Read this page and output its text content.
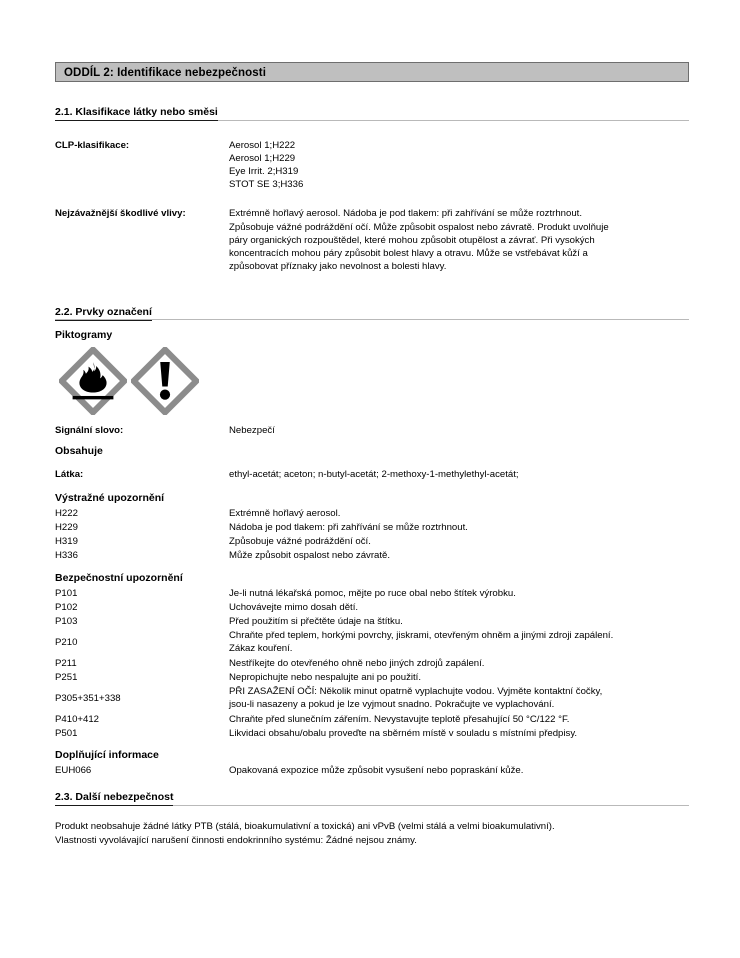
ODDÍL 2: Identifikace nebezpečnosti
2.1. Klasifikace látky nebo směsi
CLP-klasifikace:	Aerosol 1;H222
Aerosol 1;H229
Eye Irrit. 2;H319
STOT SE 3;H336
Nejzávažnější škodlivé vlivy:	Extrémně hořlavý aerosol. Nádoba je pod tlakem: při zahřívání se může roztrhnout.
Způsobuje vážné podráždění očí. Může způsobit ospalost nebo závratě. Produkt uvolňuje
páry organických rozpouštědel, které mohou způsobit otupělost a závrať. Při vysokých
koncentracích mohou páry způsobit bolest hlavy a otravu. Může se vstřebávat kůží a
způsobovat příznaky jako nevolnost a bolesti hlavy.
2.2. Prvky označení
Piktogramy
Signální slovo:	Nebezpečí
Obsahuje
Látka:	ethyl-acetát; aceton; n-butyl-acetát; 2-methoxy-1-methylethyl-acetát;
Výstražné upozornění
H222	Extrémně hořlavý aerosol.
H229	Nádoba je pod tlakem: při zahřívání se může roztrhnout.
H319	Způsobuje vážné podráždění očí.
H336	Může způsobit ospalost nebo závratě.
Bezpečnostní upozornění
P101	Je-li nutná lékařská pomoc, mějte po ruce obal nebo štítek výrobku.
P102	Uchovávejte mimo dosah dětí.
P103	Před použitím si přečtěte údaje na štítku.
P210
Chraňte před teplem, horkými povrchy, jiskrami, otevřeným ohněm a jinými zdroji zapálení.
Zákaz kouření.
P211	Nestříkejte do otevřeného ohně nebo jiných zdrojů zapálení.
P251	Nepropichujte nebo nespalujte ani po použití.
P305+351+338
PŘI ZASAŽENÍ OČÍ: Několik minut opatrně vyplachujte vodou. Vyjměte kontaktní čočky,
jsou-li nasazeny a pokud je lze vyjmout snadno. Pokračujte ve vyplachování.
P410+412	Chraňte před slunečním zářením. Nevystavujte teplotě přesahující 50 °C/122 °F.
P501	Likvidaci obsahu/obalu proveďte na sběrném místě v souladu s místními předpisy.
Doplňující informace
EUH066	Opakovaná expozice může způsobit vysušení nebo popraskání kůže.
2.3. Další nebezpečnost
Produkt neobsahuje žádné látky PTB (stálá, bioakumulativní a toxická) ani vPvB (velmi stálá a velmi bioakumulativní).
Vlastnosti vyvolávající narušení činnosti endokrinního systému: Žádné nejsou známy.
